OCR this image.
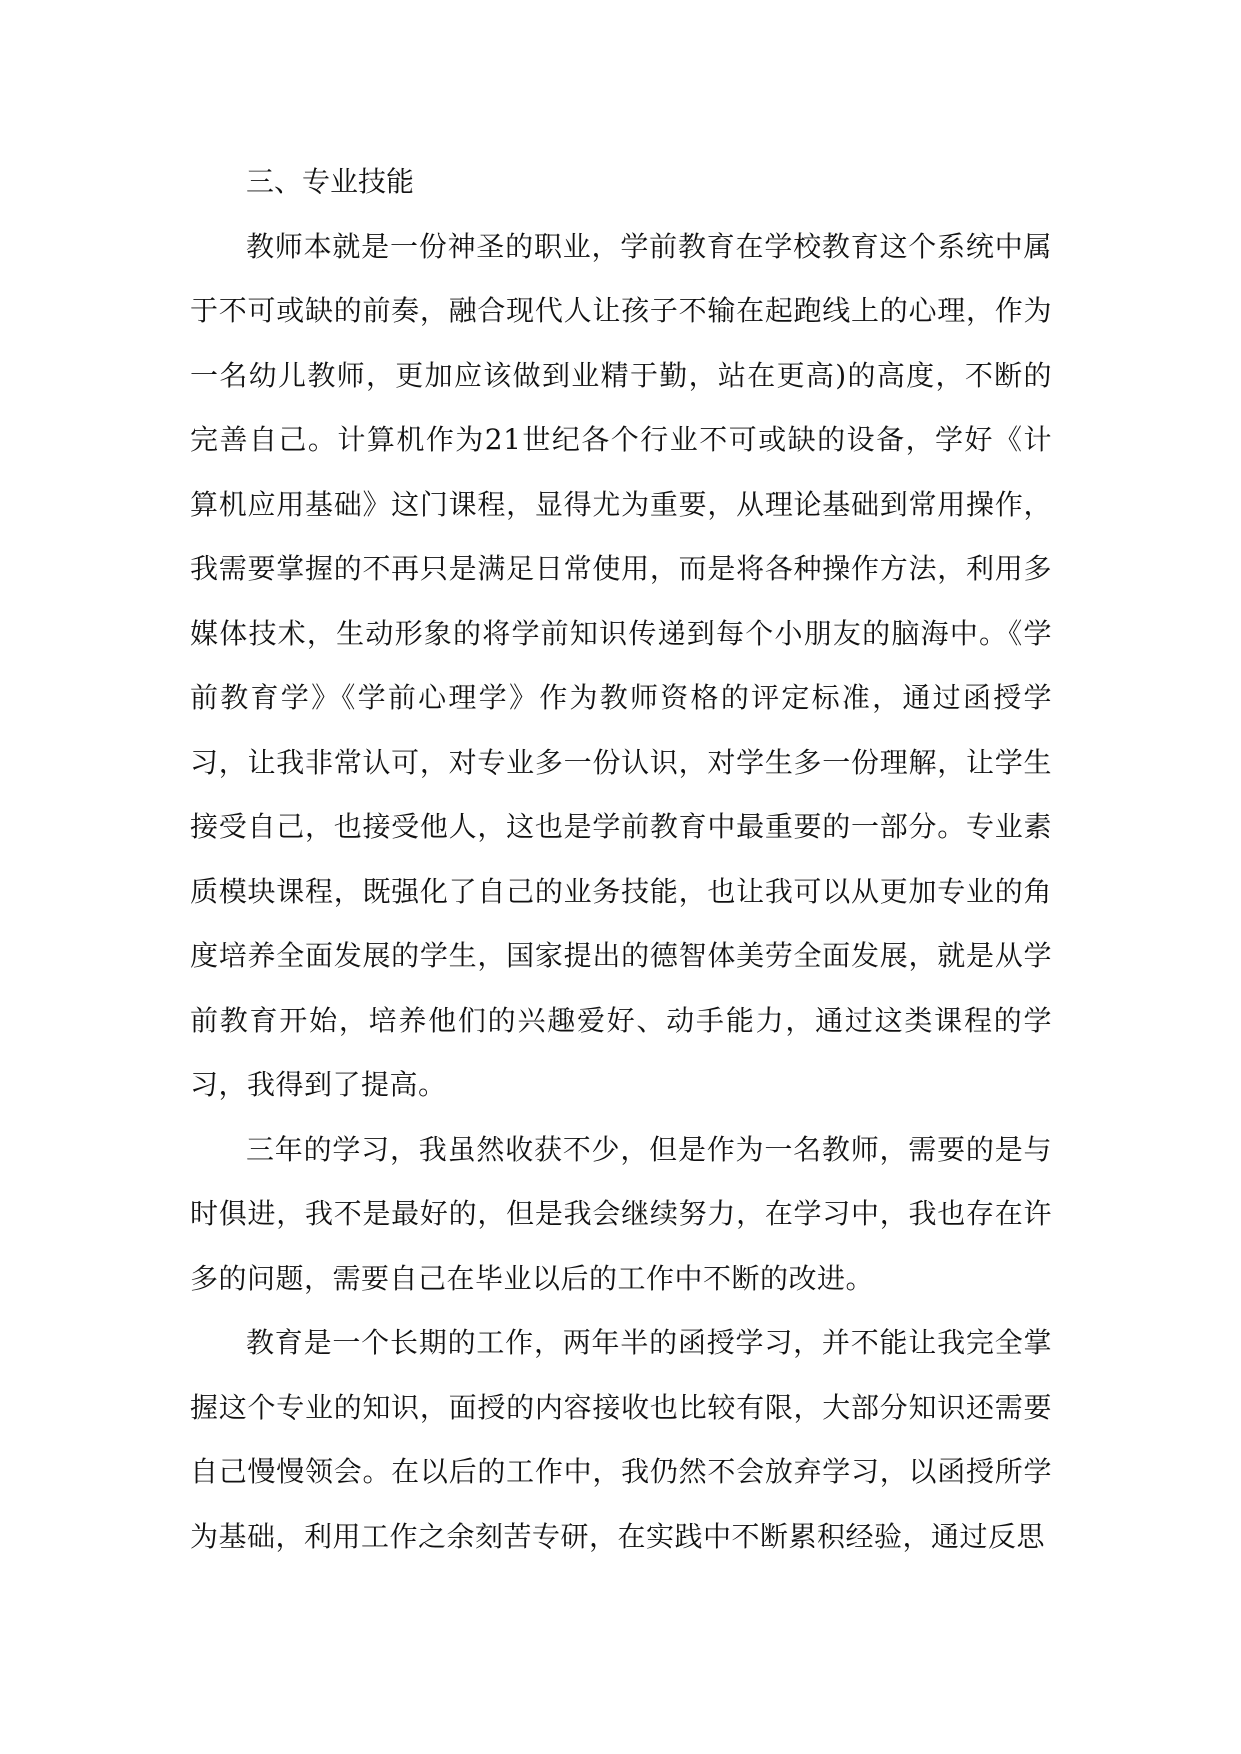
三、专业技能

教师本就是一份神圣的职业，学前教育在学校教育这个系统中属于不可或缺的前奏，融合现代人让孩子不输在起跑线上的心理，作为一名幼儿教师，更加应该做到业精于勤，站在更高)的高度，不断的完善自己。计算机作为21世纪各个行业不可或缺的设备，学好《计算机应用基础》这门课程，显得尤为重要，从理论基础到常用操作，我需要掌握的不再只是满足日常使用，而是将各种操作方法，利用多媒体技术，生动形象的将学前知识传递到每个小朋友的脑海中。《学前教育学》《学前心理学》作为教师资格的评定标准，通过函授学习，让我非常认可，对专业多一份认识，对学生多一份理解，让学生接受自己，也接受他人，这也是学前教育中最重要的一部分。专业素质模块课程，既强化了自己的业务技能，也让我可以从更加专业的角度培养全面发展的学生，国家提出的德智体美劳全面发展，就是从学前教育开始，培养他们的兴趣爱好、动手能力，通过这类课程的学习，我得到了提高。

三年的学习，我虽然收获不少，但是作为一名教师，需要的是与时俱进，我不是最好的，但是我会继续努力，在学习中，我也存在许多的问题，需要自己在毕业以后的工作中不断的改进。

教育是一个长期的工作，两年半的函授学习，并不能让我完全掌握这个专业的知识，面授的内容接收也比较有限，大部分知识还需要自己慢慢领会。在以后的工作中，我仍然不会放弃学习，以函授所学为基础，利用工作之余刻苦专研，在实践中不断累积经验，通过反思
